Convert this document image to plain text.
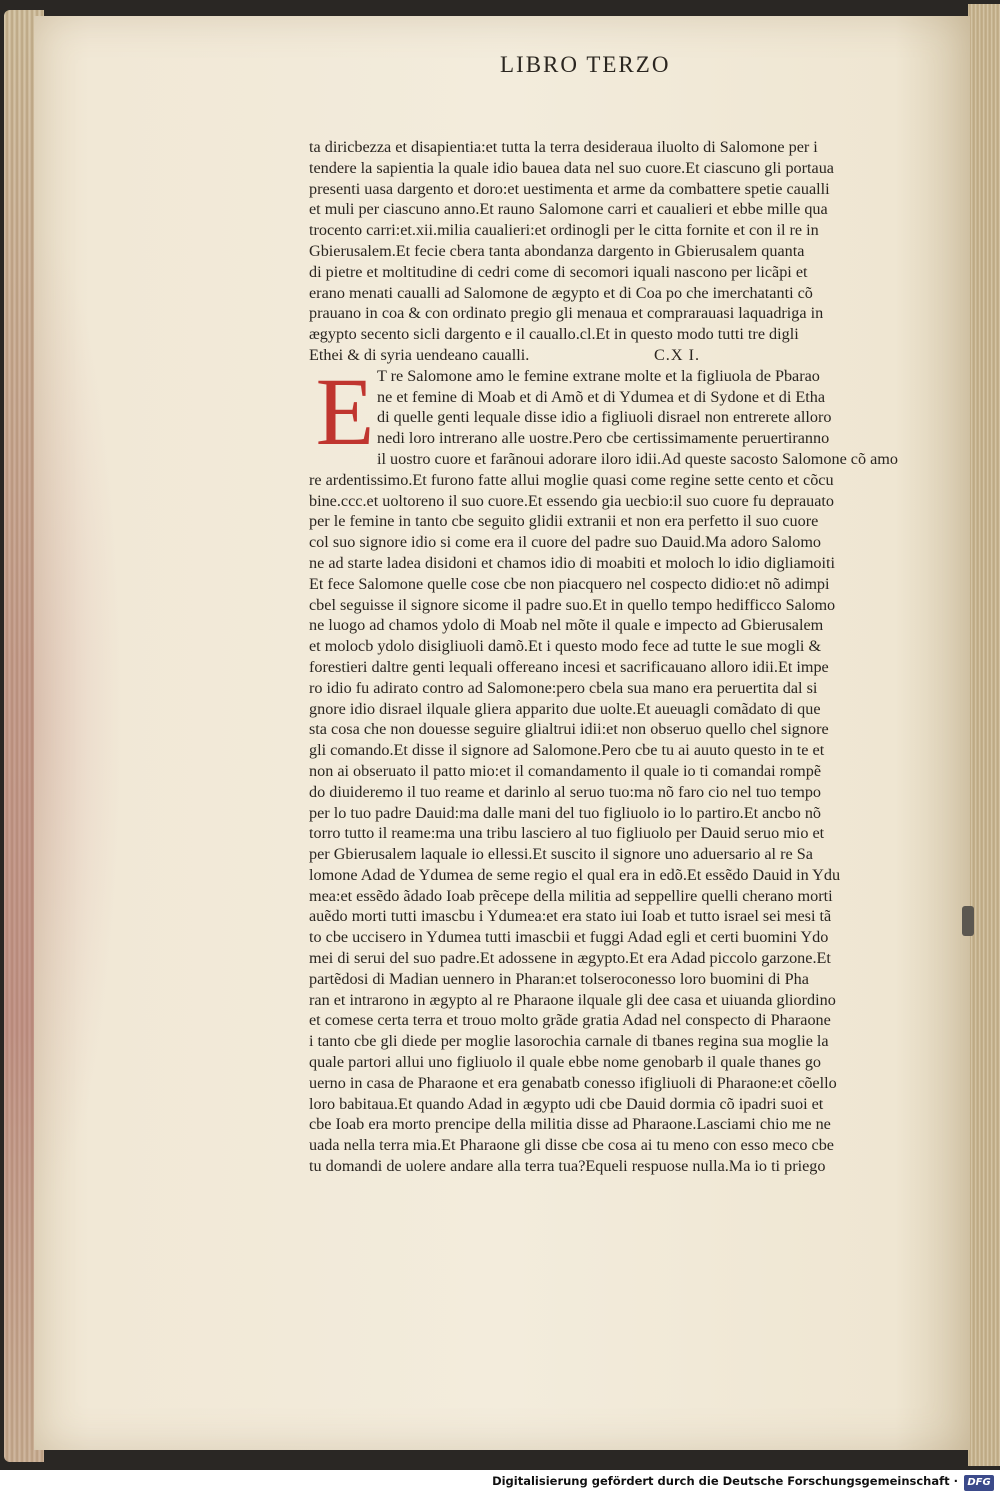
LIBRO TERZO
E
ta diricbezza et disapientia:et tutta la terra desideraua iluolto di Salomone per i
tendere la sapientia la quale idio bauea data nel suo cuore.Et ciascuno gli portaua
presenti uasa dargento et doro:et uestimenta et arme da combattere spetie caualli
et muli per ciascuno anno.Et rauno Salomone carri et caualieri et ebbe mille qua
trocento carri:et.xii.milia caualieri:et ordinogli per le citta fornite et con il re in
Gbierusalem.Et fecie cbera tanta abondanza dargento in Gbierusalem quanta
di pietre et moltitudine di cedri come di secomori iquali nascono per licãpi et
erano menati caualli ad Salomone de ægypto et di Coa po che imerchatanti cõ
prauano in coa & con ordinato pregio gli menaua et comprarauasi laquadriga in
ægypto secento sicli dargento e il cauallo.cl.Et in questo modo tutti tre digli
Ethei & di syria uendeano caualli.	C.X I.
T re Salomone amo le femine extrane molte et la figliuola de Pbarao
ne et femine di Moab et di Amõ et di Ydumea et di Sydone et di Etha
di quelle genti lequale disse idio a figliuoli disrael non entrerete alloro
nedi loro intrerano alle uostre.Pero cbe certissimamente peruertiranno
il uostro cuore et farãnoui adorare iloro idii.Ad queste sacosto Salomone cõ amo
re ardentissimo.Et furono fatte allui moglie quasi come regine sette cento et cõcu
bine.ccc.et uoltoreno il suo cuore.Et essendo gia uecbio:il suo cuore fu deprauato
per le femine in tanto cbe seguito glidii extranii et non era perfetto il suo cuore
col suo signore idio si come era il cuore del padre suo Dauid.Ma adoro Salomo
ne ad starte ladea disidoni et chamos idio di moabiti et moloch lo idio digliamoiti
Et fece Salomone quelle cose cbe non piacquero nel cospecto didio:et nõ adimpi
cbel seguisse il signore sicome il padre suo.Et in quello tempo hedifficco Salomo
ne luogo ad chamos ydolo di Moab nel mõte il quale e impecto ad Gbierusalem
et molocb ydolo disigliuoli damõ.Et i questo modo fece ad tutte le sue mogli &
forestieri daltre genti lequali offereano incesi et sacrificauano alloro idii.Et impe
ro idio fu adirato contro ad Salomone:pero cbela sua mano era peruertita dal si
gnore idio disrael ilquale gliera apparito due uolte.Et aueuagli comãdato di que
sta cosa che non douesse seguire glialtrui idii:et non obseruo quello chel signore
gli comando.Et disse il signore ad Salomone.Pero cbe tu ai auuto questo in te et
non ai obseruato il patto mio:et il comandamento il quale io ti comandai rompẽ
do diuideremo il tuo reame et darinlo al seruo tuo:ma nõ faro cio nel tuo tempo
per lo tuo padre Dauid:ma dalle mani del tuo figliuolo io lo partiro.Et ancbo nõ
torro tutto il reame:ma una tribu lasciero al tuo figliuolo per Dauid seruo mio et
per Gbierusalem laquale io ellessi.Et suscito il signore uno aduersario al re Sa
lomone Adad de Ydumea de seme regio el qual era in edõ.Et essẽdo Dauid in Ydu
mea:et essẽdo ãdado Ioab prẽcepe della militia ad seppellire quelli cherano morti
auẽdo morti tutti imascbu i Ydumea:et era stato iui Ioab et tutto israel sei mesi tã
to cbe uccisero in Ydumea tutti imascbii et fuggi Adad egli et certi buomini Ydo
mei di serui del suo padre.Et adossene in ægypto.Et era Adad piccolo garzone.Et
partẽdosi di Madian uennero in Pharan:et tolseroconesso loro buomini di Pha
ran et intrarono in ægypto al re Pharaone ilquale gli dee casa et uiuanda gliordino
et comese certa terra et trouo molto grãde gratia Adad nel conspecto di Pharaone
i tanto cbe gli diede per moglie lasorochia carnale di tbanes regina sua moglie la
quale partori allui uno figliuolo il quale ebbe nome genobarb il quale thanes go
uerno in casa de Pharaone et era genabatb conesso ifigliuoli di Pharaone:et cõello
loro babitaua.Et quando Adad in ægypto udi cbe Dauid dormia cõ ipadri suoi et
cbe Ioab era morto prencipe della militia disse ad Pharaone.Lasciami chio me ne
uada nella terra mia.Et Pharaone gli disse cbe cosa ai tu meno con esso meco cbe
tu domandi de uolere andare alla terra tua?Equeli respuose nulla.Ma io ti priego
Digitalisierung gefördert durch die Deutsche Forschungsgemeinschaft · DFG
